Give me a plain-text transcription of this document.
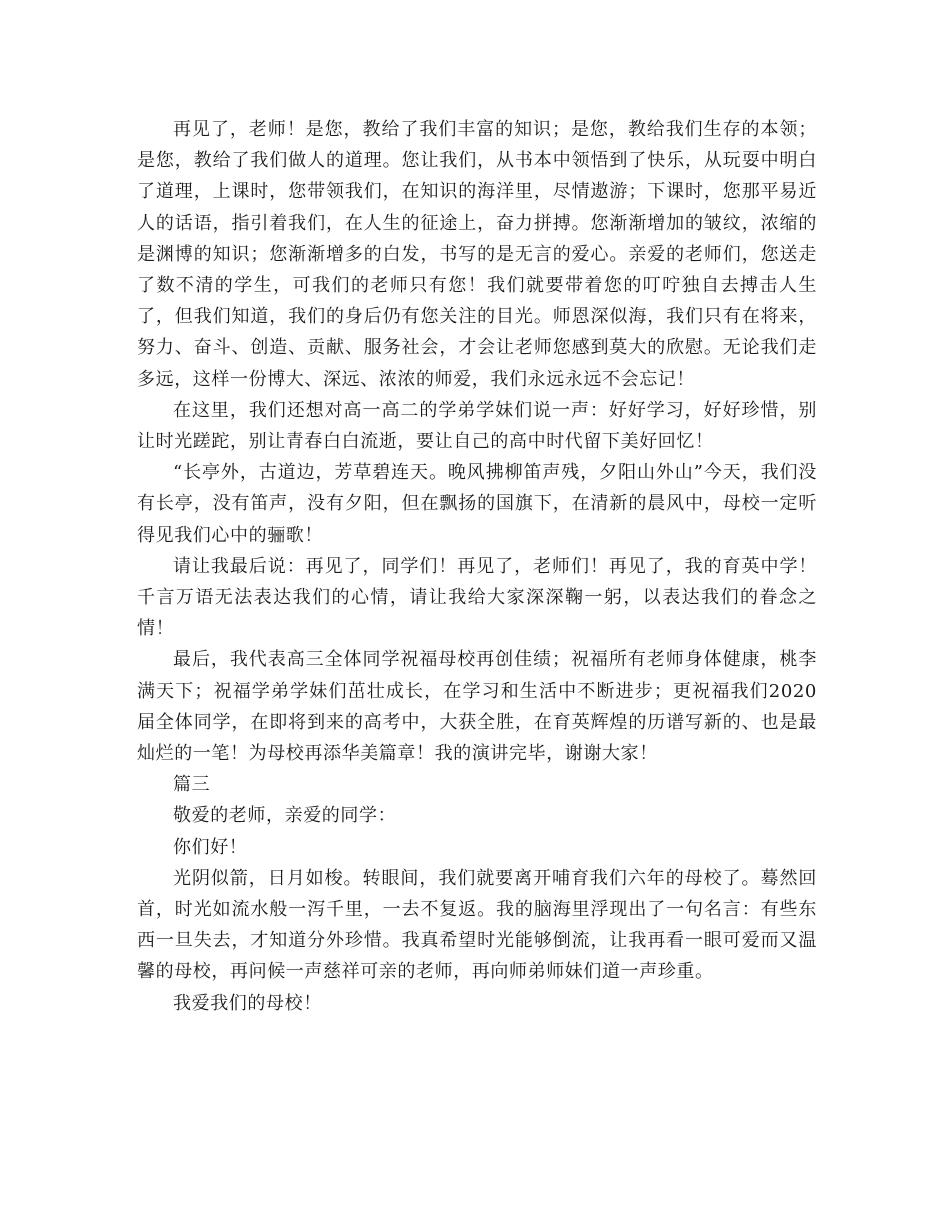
再见了，老师！是您，教给了我们丰富的知识；是您，教给我们生存的本领；是您，教给了我们做人的道理。您让我们，从书本中领悟到了快乐，从玩耍中明白了道理，上课时，您带领我们，在知识的海洋里，尽情遨游；下课时，您那平易近人的话语，指引着我们，在人生的征途上，奋力拼搏。您渐渐增加的皱纹，浓缩的是渊博的知识；您渐渐增多的白发，书写的是无言的爱心。亲爱的老师们，您送走了数不清的学生，可我们的老师只有您！我们就要带着您的叮咛独自去搏击人生了，但我们知道，我们的身后仍有您关注的目光。师恩深似海，我们只有在将来，努力、奋斗、创造、贡献、服务社会，才会让老师您感到莫大的欣慰。无论我们走多远，这样一份博大、深远、浓浓的师爱，我们永远永远不会忘记！

在这里，我们还想对高一高二的学弟学妹们说一声：好好学习，好好珍惜，别让时光蹉跎，别让青春白白流逝，要让自己的高中时代留下美好回忆！

“长亭外，古道边，芳草碧连天。晚风拂柳笛声残，夕阳山外山”今天，我们没有长亭，没有笛声，没有夕阳，但在飘扬的国旗下，在清新的晨风中，母校一定听得见我们心中的骊歌！

请让我最后说：再见了，同学们！再见了，老师们！再见了，我的育英中学！千言万语无法表达我们的心情，请让我给大家深深鞠一躬，以表达我们的眷念之情！

最后，我代表高三全体同学祝福母校再创佳绩；祝福所有老师身体健康，桃李满天下；祝福学弟学妹们茁壮成长，在学习和生活中不断进步；更祝福我们2020届全体同学，在即将到来的高考中，大获全胜，在育英辉煌的历谱写新的、也是最灿烂的一笔！为母校再添华美篇章！我的演讲完毕，谢谢大家！

篇三

敬爱的老师，亲爱的同学：

你们好！

光阴似箭，日月如梭。转眼间，我们就要离开哺育我们六年的母校了。蓦然回首，时光如流水般一泻千里，一去不复返。我的脑海里浮现出了一句名言：有些东西一旦失去，才知道分外珍惜。我真希望时光能够倒流，让我再看一眼可爱而又温馨的母校，再问候一声慈祥可亲的老师，再向师弟师妹们道一声珍重。

我爱我们的母校！
